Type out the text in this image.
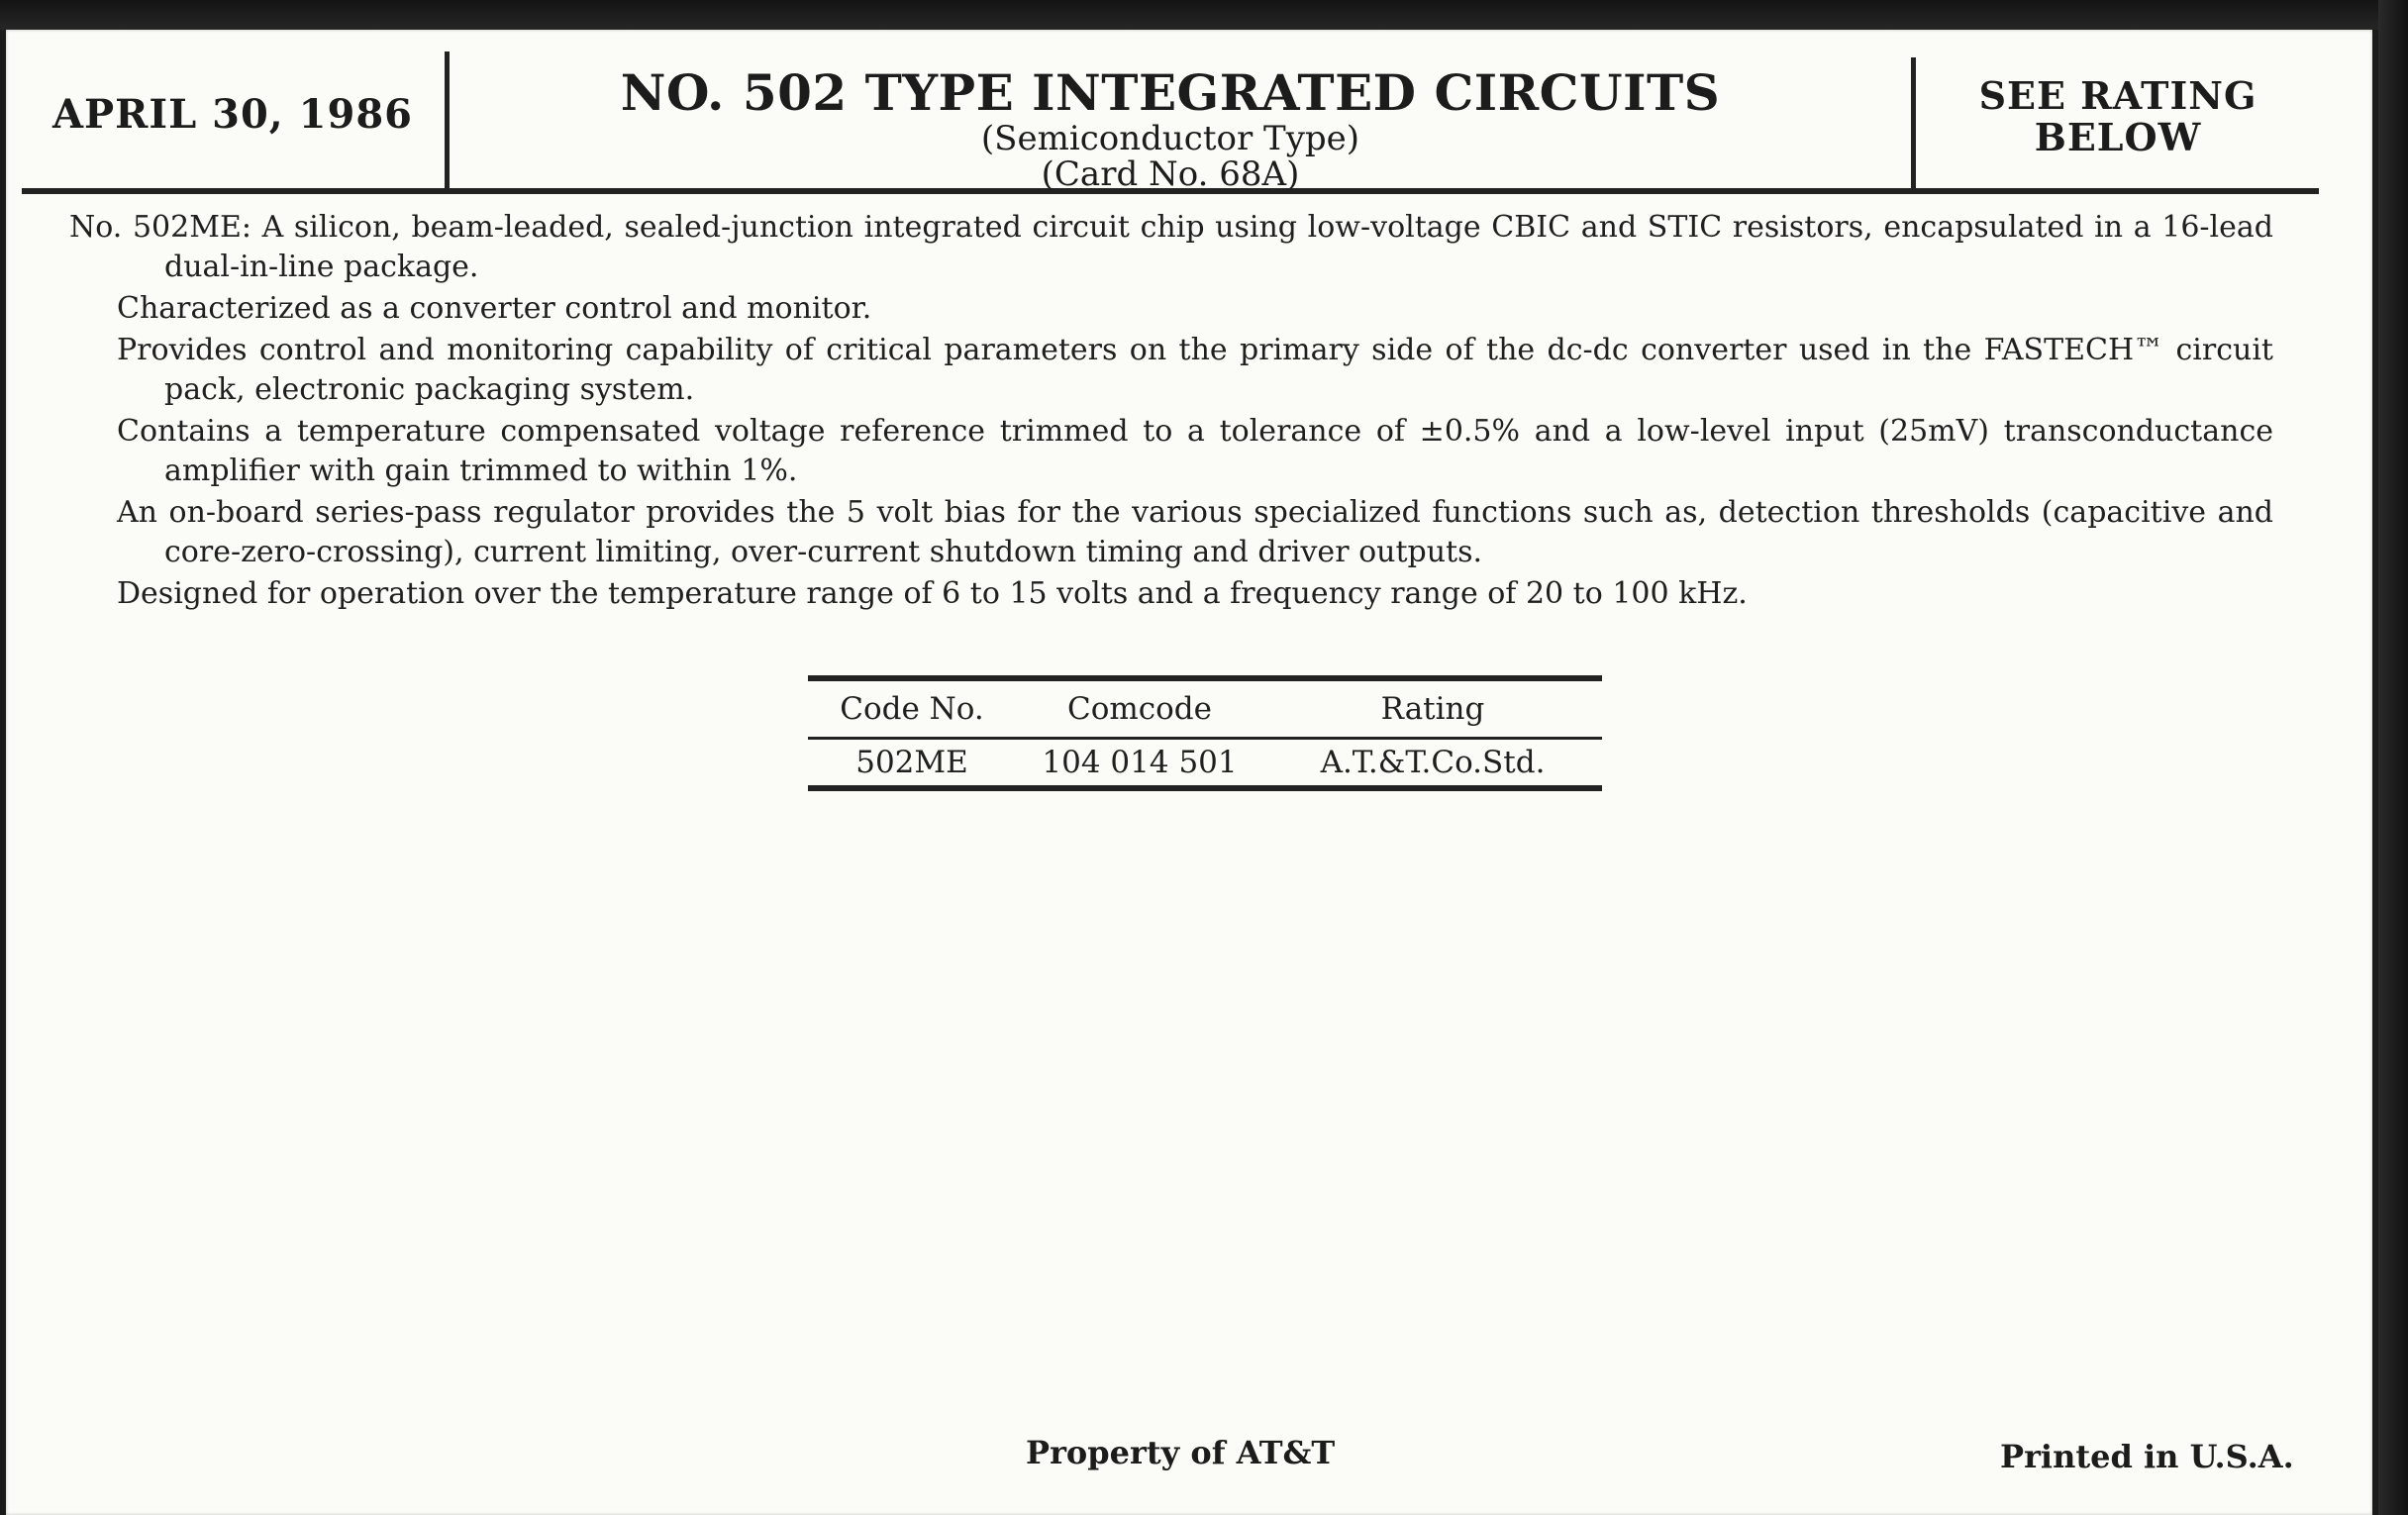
APRIL 30, 1986	NO. 502 TYPE INTEGRATED CIRCUITS
(Semiconductor Type)
(Card No. 68A)
SEE RATING
BELOW

No. 502ME: A silicon, beam-leaded, sealed-junction integrated circuit chip using low-voltage CBIC and STIC resistors, encapsulated in a 16-lead dual-in-line package.

Characterized as a converter control and monitor.

Provides control and monitoring capability of critical parameters on the primary side of the dc-dc converter used in the FASTECH™ circuit pack, electronic packaging system.

Contains a temperature compensated voltage reference trimmed to a tolerance of ±0.5% and a low-level input (25mV) transconductance amplifier with gain trimmed to within 1%.

An on-board series-pass regulator provides the 5 volt bias for the various specialized functions such as, detection thresholds (capacitive and core-zero-crossing), current limiting, over-current shutdown timing and driver outputs.

Designed for operation over the temperature range of 6 to 15 volts and a frequency range of 20 to 100 kHz.

Code No.	Comcode	Rating
502ME	104 014 501	A.T.&T.Co.Std.
Property of AT&T	Printed in U.S.A.
